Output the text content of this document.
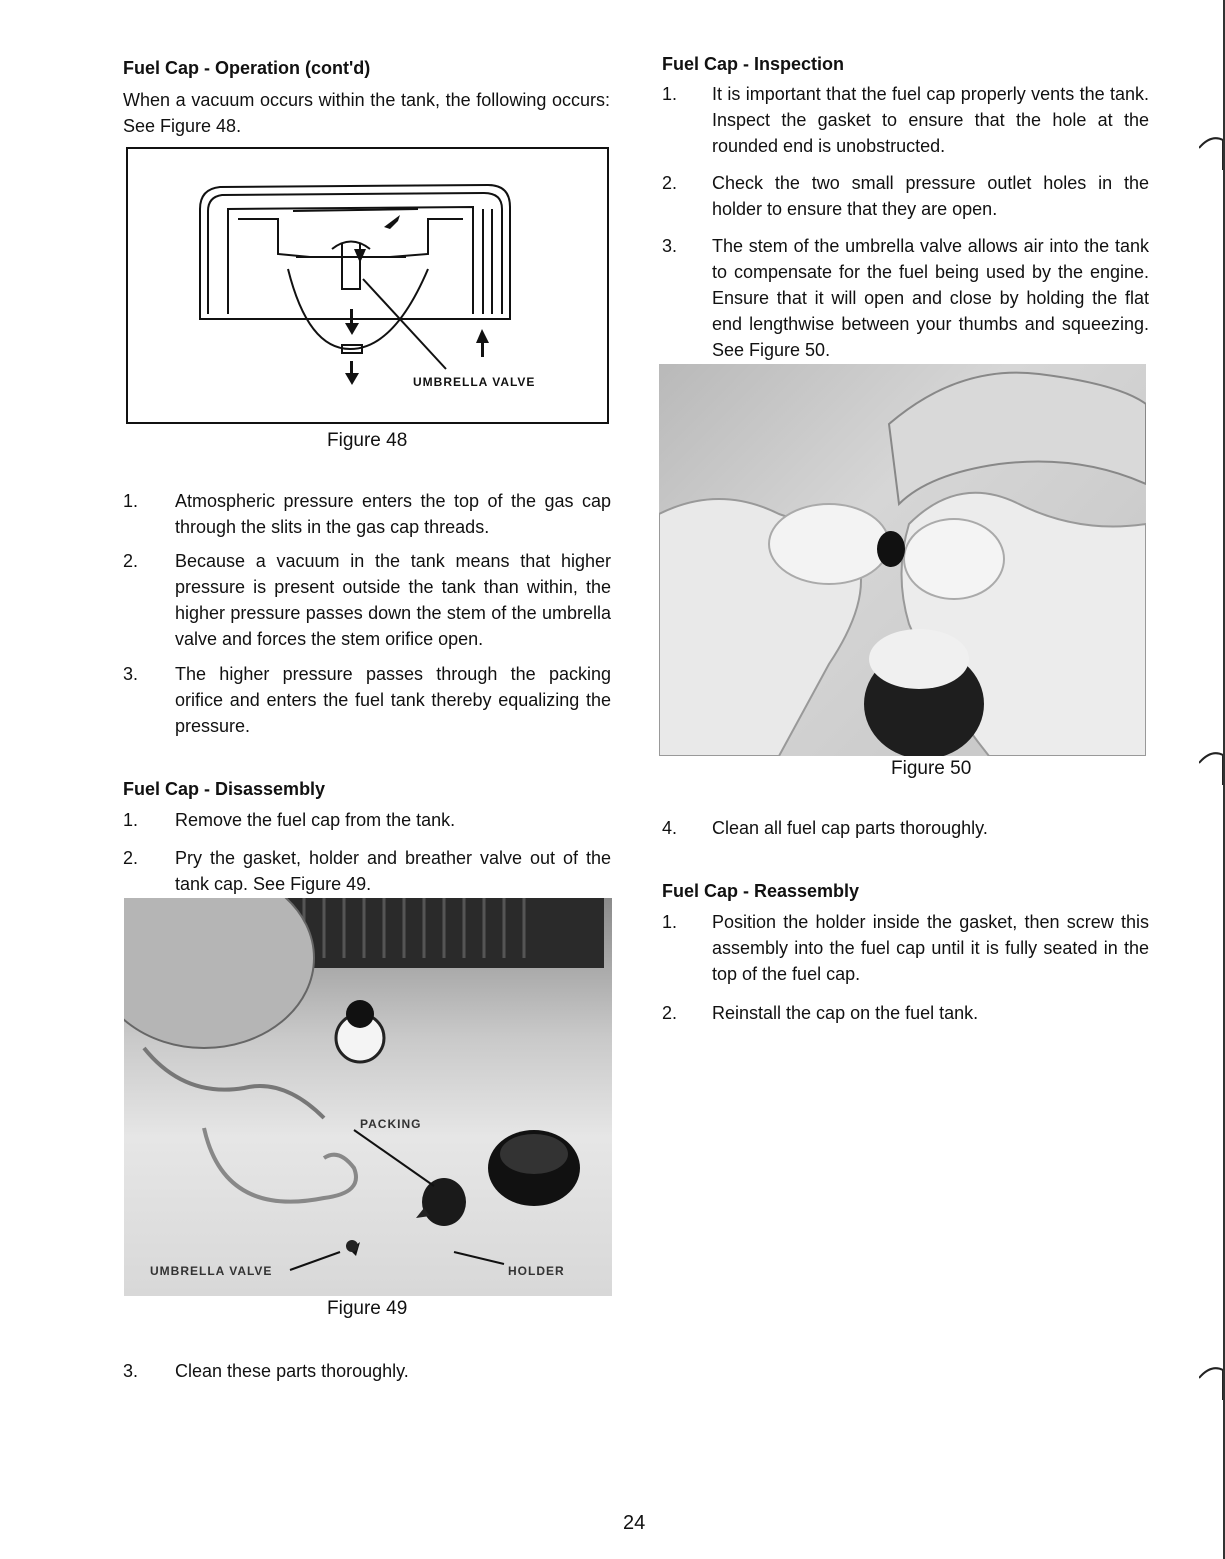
Fuel Cap - Operation (cont'd)
When a vacuum occurs within the tank, the following occurs: See Figure 48.
UMBRELLA VALVE
Figure 48
1. Atmospheric pressure enters the top of the gas cap through the slits in the gas cap threads.
2. Because a vacuum in the tank means that higher pressure is present outside the tank than within, the higher pressure passes down the stem of the umbrella valve and forces the stem orifice open.
3. The higher pressure passes through the packing orifice and enters the fuel tank thereby equalizing the pressure.
Fuel Cap - Disassembly
1. Remove the fuel cap from the tank.
2. Pry the gasket, holder and breather valve out of the tank cap. See Figure 49.
PACKING
UMBRELLA VALVE	HOLDER
Figure 49
3. Clean these parts thoroughly.
Fuel Cap - Inspection
1. It is important that the fuel cap properly vents the tank. Inspect the gasket to ensure that the hole at the rounded end is unobstructed.
2. Check the two small pressure outlet holes in the holder to ensure that they are open.
3. The stem of the umbrella valve allows air into the tank to compensate for the fuel being used by the engine. Ensure that it will open and close by holding the flat end lengthwise between your thumbs and squeezing. See Figure 50.
Figure 50
4. Clean all fuel cap parts thoroughly.
Fuel Cap - Reassembly
1. Position the holder inside the gasket, then screw this assembly into the fuel cap until it is fully seated in the top of the fuel cap.
2. Reinstall the cap on the fuel tank.
24
